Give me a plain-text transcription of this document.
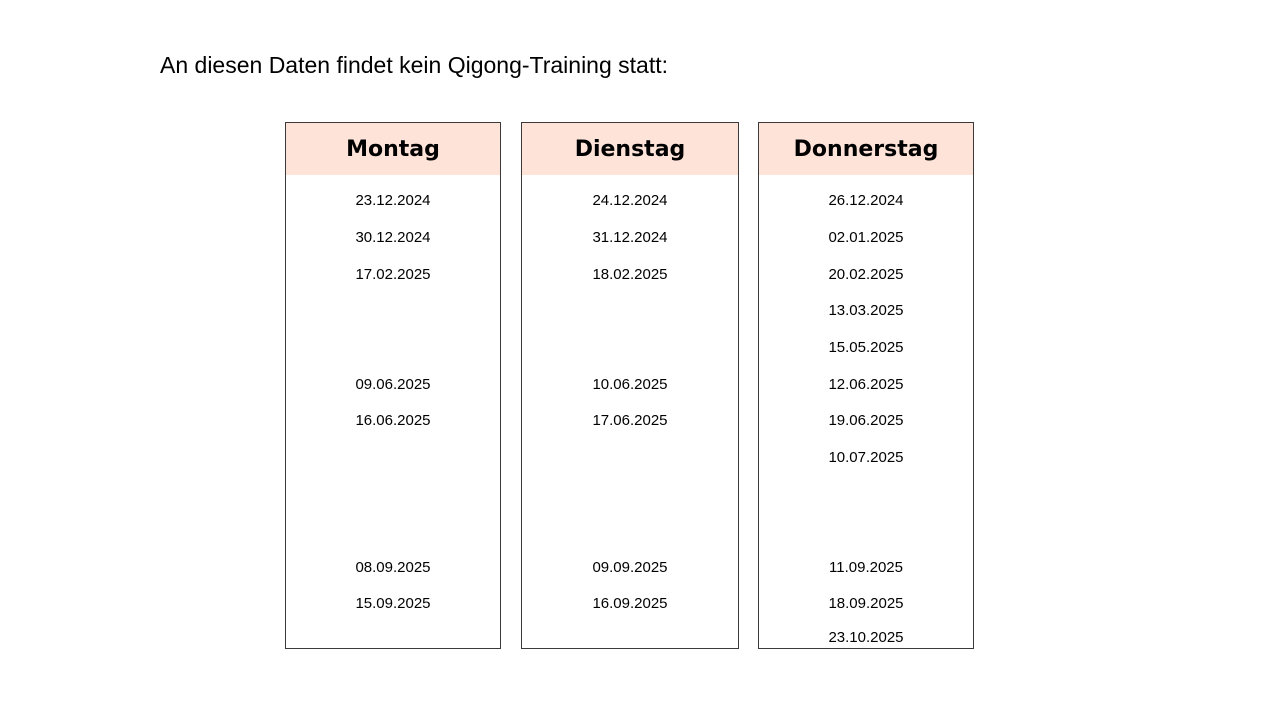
An diesen Daten findet kein Qigong-Training statt:
Montag
23.12.2024
30.12.2024
17.02.2025
09.06.2025
16.06.2025
08.09.2025
15.09.2025
Dienstag
24.12.2024
31.12.2024
18.02.2025
10.06.2025
17.06.2025
09.09.2025
16.09.2025
Donnerstag
26.12.2024
02.01.2025
20.02.2025
13.03.2025
15.05.2025
12.06.2025
19.06.2025
10.07.2025
11.09.2025
18.09.2025
23.10.2025
